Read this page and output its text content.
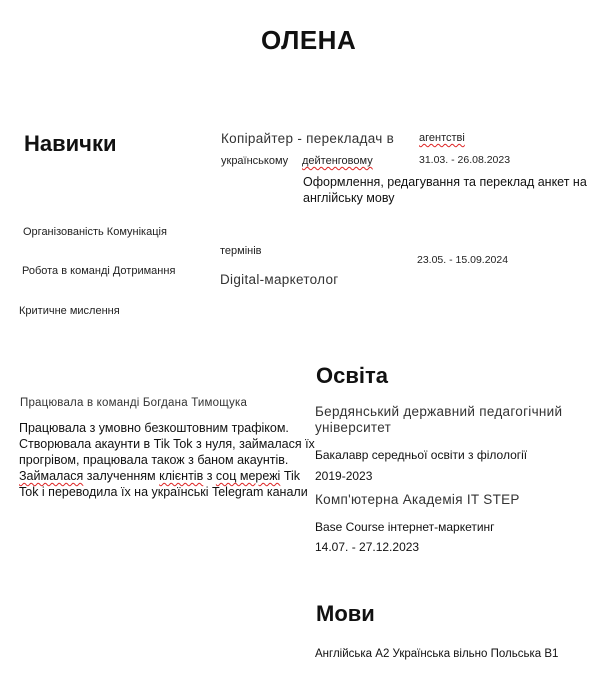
ОЛЕНА
Навички
Організованість Комунікація
Робота в команді Дотримання
Критичне мислення
Копірайтер - перекладач в агентстві
українському дейтенговому	31.03. - 26.08.2023
Оформлення, редагування та переклад анкет на англійську мову
термінів
23.05. - 15.09.2024
Digital-маркетолог
Працювала в команді Богдана Тимощука
Працювала з умовно безкоштовним трафіком.
Створювала акаунти в Tik Tok з нуля, займалася їх
прогрівом, працювала також з баном акаунтів.
Займалася залученням клієнтів з соц мережі Tik
Tok і переводила їх на українські Telegram канали
Освіта
Бердянський державний педагогічний університет
Бакалавр середньої освіти з філології
2019-2023
Комп'ютерна Академія IT STEP
Base Course інтернет-маркетинг
14.07. - 27.12.2023
Мови
Англійська А2 Українська вільно Польська В1
